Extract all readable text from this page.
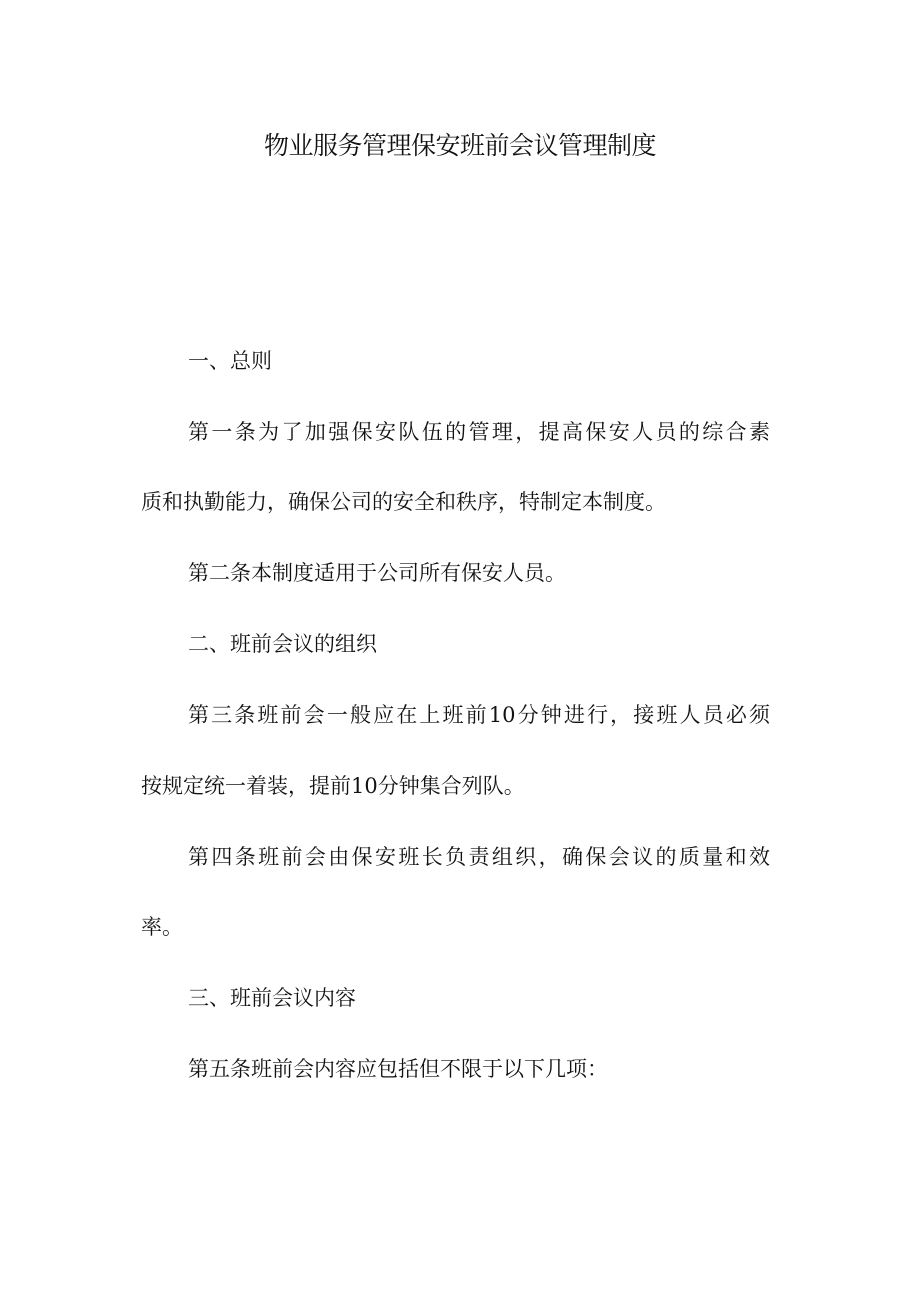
物业服务管理保安班前会议管理制度

一、总则

第一条为了加强保安队伍的管理，提高保安人员的综合素

质和执勤能力，确保公司的安全和秩序，特制定本制度。

第二条本制度适用于公司所有保安人员。

二、班前会议的组织

第三条班前会一般应在上班前10分钟进行，接班人员必须

按规定统一着装，提前10分钟集合列队。

第四条班前会由保安班长负责组织，确保会议的质量和效

率。

三、班前会议内容

第五条班前会内容应包括但不限于以下几项：
